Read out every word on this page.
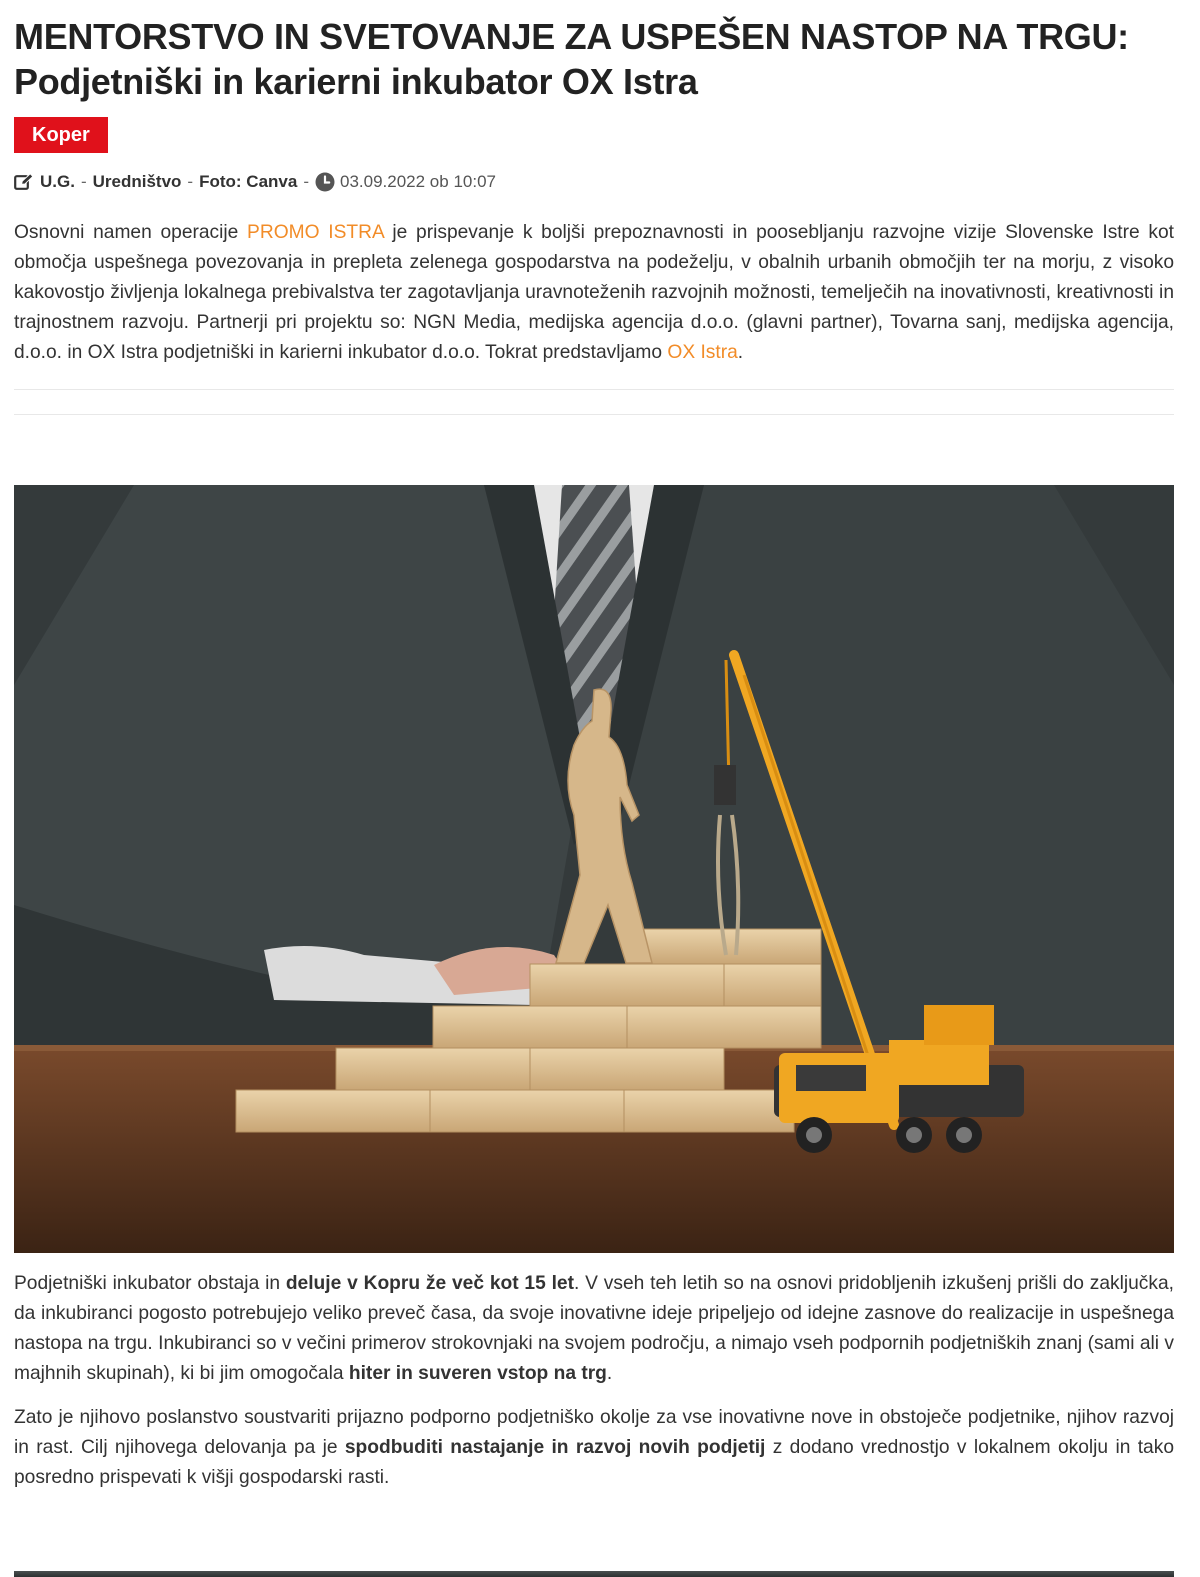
MENTORSTVO IN SVETOVANJE ZA USPEŠEN NASTOP NA TRGU:
Podjetniški in karierni inkubator OX Istra
Koper
U.G. - Uredništvo - Foto: Canva - 03.09.2022 ob 10:07

Osnovni namen operacije PROMO ISTRA je prispevanje k boljši prepoznavnosti in poosebljanju razvojne vizije Slovenske Istre kot območja uspešnega povezovanja in prepleta zelenega gospodarstva na podeželju, v obalnih urbanih območjih ter na morju, z visoko kakovostjo življenja lokalnega prebivalstva ter zagotavljanja uravnoteženih razvojnih možnosti, temelječih na inovativnosti, kreativnosti in trajnostnem razvoju. Partnerji pri projektu so: NGN Media, medijska agencija d.o.o. (glavni partner), Tovarna sanj, medijska agencija, d.o.o. in OX Istra podjetniški in karierni inkubator d.o.o. Tokrat predstavljamo OX Istra.

Podjetniški inkubator obstaja in deluje v Kopru že več kot 15 let. V vseh teh letih so na osnovi pridobljenih izkušenj prišli do zaključka, da inkubiranci pogosto potrebujejo veliko preveč časa, da svoje inovativne ideje pripeljejo od idejne zasnove do realizacije in uspešnega nastopa na trgu. Inkubiranci so v večini primerov strokovnjaki na svojem področju, a nimajo vseh podpornih podjetniških znanj (sami ali v majhnih skupinah), ki bi jim omogočala hiter in suveren vstop na trg.

Zato je njihovo poslanstvo soustvariti prijazno podporno podjetniško okolje za vse inovativne nove in obstoječe podjetnike, njihov razvoj in rast. Cilj njihovega delovanja pa je spodbuditi nastajanje in razvoj novih podjetij z dodano vrednostjo v lokalnem okolju in tako posredno prispevati k višji gospodarski rasti.
